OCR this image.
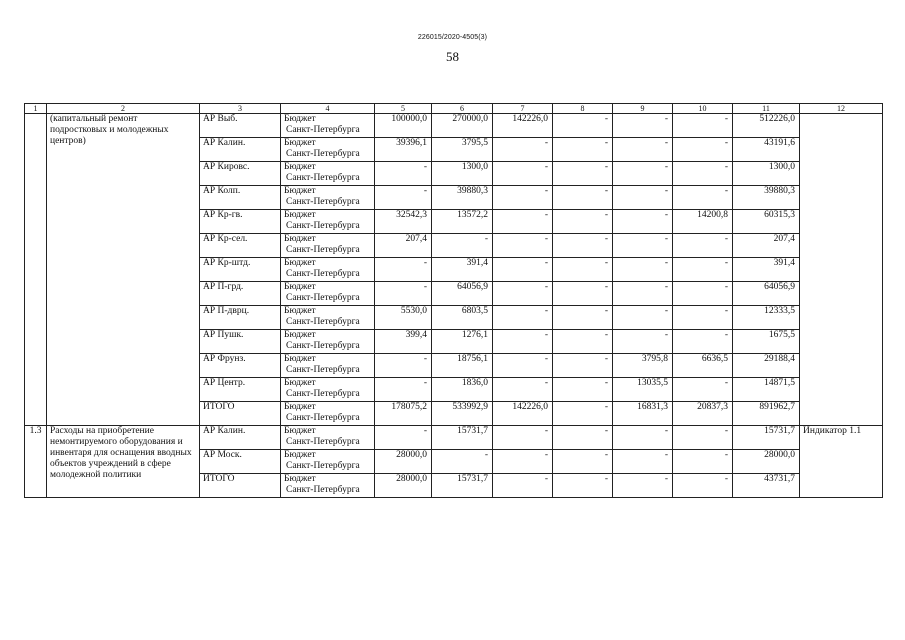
226015/2020-4505(3)
58
1	2	3	4	5	6	7	8	9	10	11	12
	(капитальный ремонт подростковых и молодежных центров)	АР Выб.	Бюджет
Санкт-Петербурга	100000,0	270000,0	142226,0	-	-	-	512226,0	
		АР Калин.	Бюджет
Санкт-Петербурга	39396,1	3795,5	-	-	-	-	43191,6	
		АР Кировс.	Бюджет
Санкт-Петербурга	-	1300,0	-	-	-	-	1300,0	
		АР Колп.	Бюджет
Санкт-Петербурга	-	39880,3	-	-	-	-	39880,3	
		АР Кр-гв.	Бюджет
Санкт-Петербурга	32542,3	13572,2	-	-	-	14200,8	60315,3	
		АР Кр-сел.	Бюджет
Санкт-Петербурга	207,4	-	-	-	-	-	207,4	
		АР Кр-штд.	Бюджет
Санкт-Петербурга	-	391,4	-	-	-	-	391,4	
		АР П-грд.	Бюджет
Санкт-Петербурга	-	64056,9	-	-	-	-	64056,9	
		АР П-дврц.	Бюджет
Санкт-Петербурга	5530,0	6803,5	-	-	-	-	12333,5	
		АР Пушк.	Бюджет
Санкт-Петербурга	399,4	1276,1	-	-	-	-	1675,5	
		АР Фрунз.	Бюджет
Санкт-Петербурга	-	18756,1	-	-	3795,8	6636,5	29188,4	
		АР Центр.	Бюджет
Санкт-Петербурга	-	1836,0	-	-	13035,5	-	14871,5	
		ИТОГО	Бюджет
Санкт-Петербурга	178075,2	533992,9	142226,0	-	16831,3	20837,3	891962,7	
1.3	Расходы на приобретение немонтируемого оборудования и инвентаря для оснащения вводных объектов учреждений в сфере молодежной политики	АР Калин.	Бюджет
Санкт-Петербурга	-	15731,7	-	-	-	-	15731,7	Индикатор 1.1
		АР Моск.	Бюджет
Санкт-Петербурга	28000,0	-	-	-	-	-	28000,0	
		ИТОГО	Бюджет
Санкт-Петербурга	28000,0	15731,7	-	-	-	-	43731,7	
